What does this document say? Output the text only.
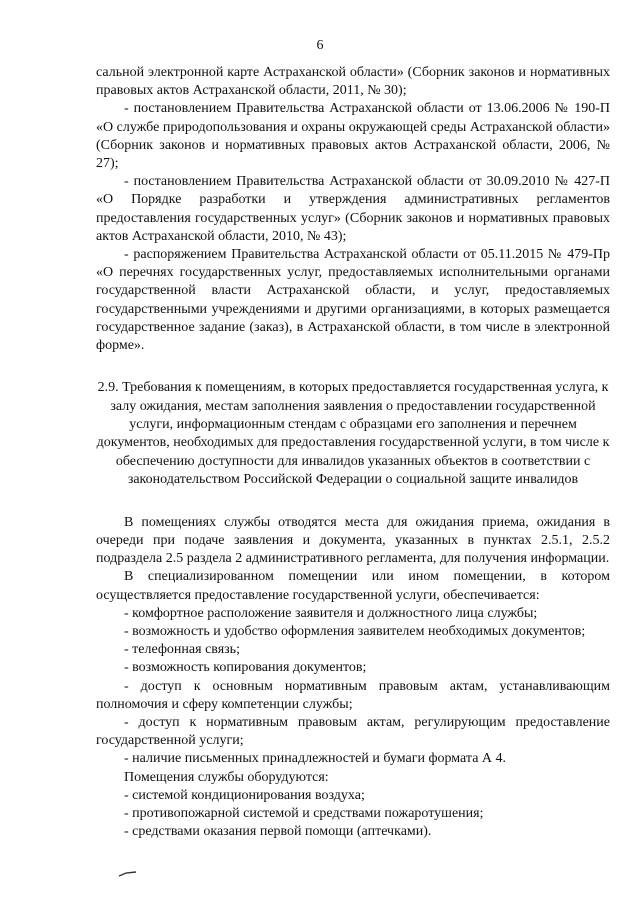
6

сальной электронной карте Астраханской области» (Сборник законов и нормативных правовых актов Астраханской области, 2011, № 30);

- постановлением Правительства Астраханской области от 13.06.2006 № 190-П «О службе природопользования и охраны окружающей среды Астраханской области» (Сборник законов и нормативных правовых актов Астраханской области, 2006, № 27);

- постановлением Правительства Астраханской области от 30.09.2010 № 427-П «О Порядке разработки и утверждения административных регламентов предоставления государственных услуг» (Сборник законов и нормативных правовых актов Астраханской области, 2010, № 43);

- распоряжением Правительства Астраханской области от 05.11.2015 № 479-Пр «О перечнях государственных услуг, предоставляемых исполнительными органами государственной власти Астраханской области, и услуг, предоставляемых государственными учреждениями и другими организациями, в которых размещается государственное задание (заказ), в Астраханской области, в том числе в электронной форме».

2.9. Требования к помещениям, в которых предоставляется государственная услуга, к залу ожидания, местам заполнения заявления о предоставлении государственной услуги, информационным стендам с образцами его заполнения и перечнем документов, необходимых для предоставления государственной услуги, в том числе к обеспечению доступности для инвалидов указанных объектов в соответствии с законодательством Российской Федерации о социальной защите инвалидов

В помещениях службы отводятся места для ожидания приема, ожидания в очереди при подаче заявления и документа, указанных в пунктах 2.5.1, 2.5.2 подраздела 2.5 раздела 2 административного регламента, для получения информации.

В специализированном помещении или ином помещении, в котором осуществляется предоставление государственной услуги, обеспечивается:

- комфортное расположение заявителя и должностного лица службы;

- возможность и удобство оформления заявителем необходимых документов;

- телефонная связь;

- возможность копирования документов;

- доступ к основным нормативным правовым актам, устанавливающим полномочия и сферу компетенции службы;

- доступ к нормативным правовым актам, регулирующим предоставление государственной услуги;

- наличие письменных принадлежностей и бумаги формата А 4.

Помещения службы оборудуются:

- системой кондиционирования воздуха;

- противопожарной системой и средствами пожаротушения;

- средствами оказания первой помощи (аптечками).
